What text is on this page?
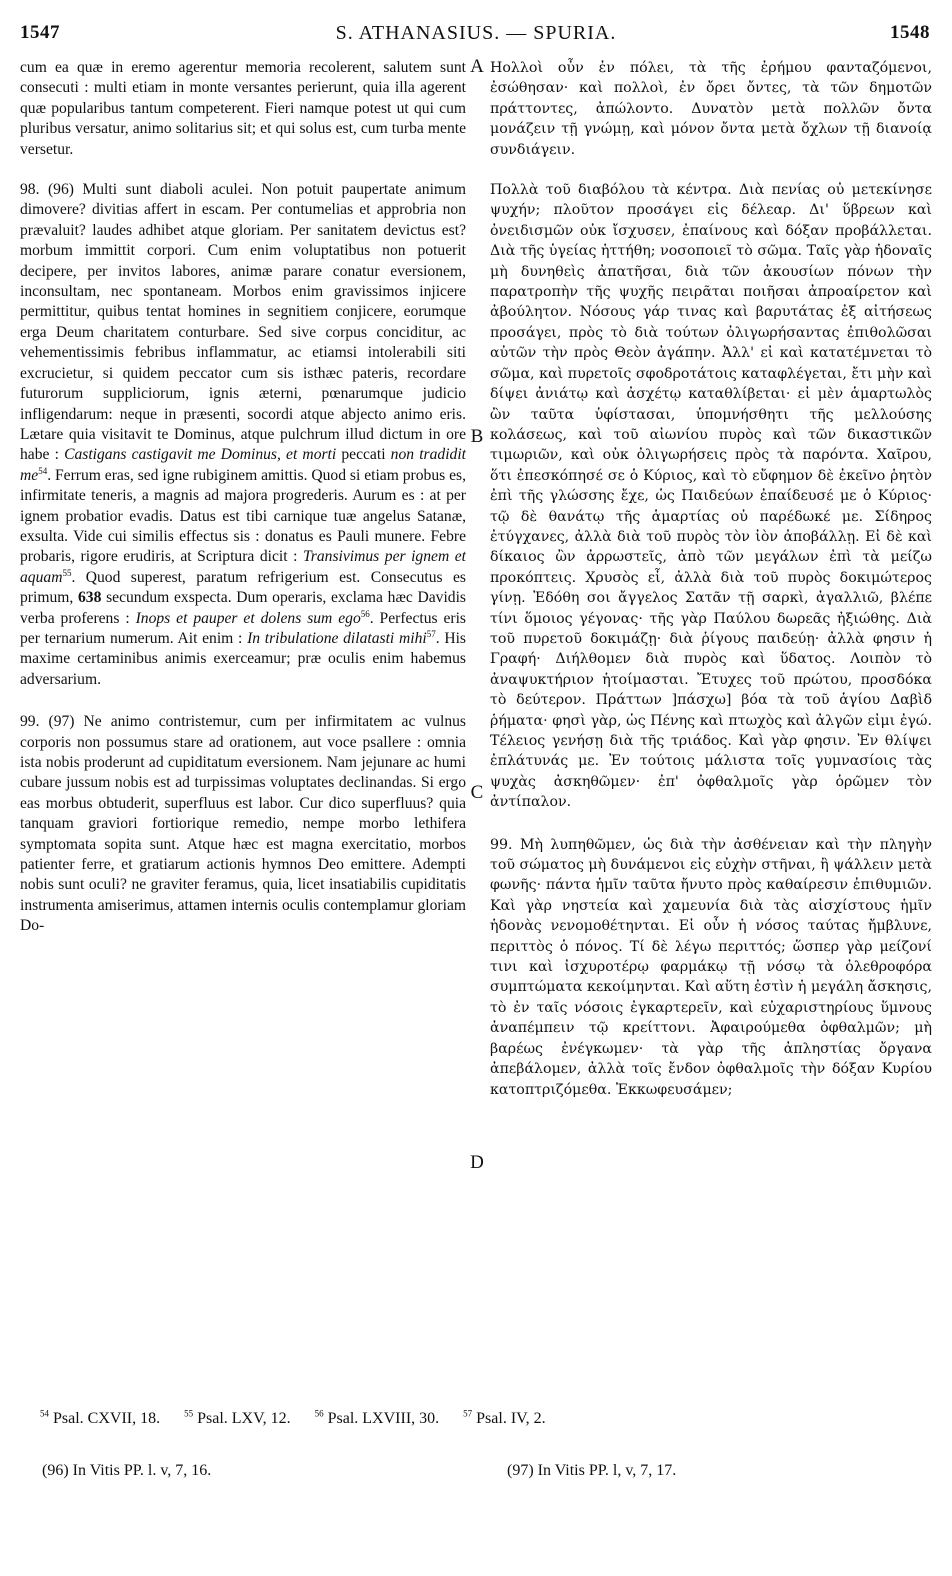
1547	S. ATHANASIUS. — SPURIA.	1548

cum ea quæ in eremo agerentur memoria recolerent, salutem sunt consecuti : multi etiam in monte versantes perierunt, quia illa agerent quæ popularibus tantum competerent. Fieri namque potest ut qui cum pluribus versatur, animo solitarius sit; et qui solus est, cum turba mente versetur.

98. (96) Multi sunt diaboli aculei. Non potuit paupertate animum dimovere? divitias affert in escam. Per contumelias et approbria non prævaluit? laudes adhibet atque gloriam. Per sanitatem devictus est? morbum immittit corpori. Cum enim voluptatibus non potuerit decipere, per invitos labores, animæ parare conatur eversionem, inconsultam, nec spontaneam. Morbos enim gravissimos injicere permittitur, quibus tentat homines in segnitiem conjicere, eorumque erga Deum charitatem conturbare. Sed sive corpus conciditur, ac vehementissimis febribus inflammatur, ac etiamsi intolerabili siti excrucietur, si quidem peccator cum sis isthæc pateris, recordare futurorum suppliciorum, ignis æterni, pœnarumque judicio infligendarum: neque in præsenti, socordi atque abjecto animo eris. Lætare quia visitavit te Dominus, atque pulchrum illud dictum in ore habe : Castigans castigavit me Dominus, et morti peccati non tradidit $me^{54}$. Ferrum eras, sed igne rubiginem amittis. Quod si etiam probus es, infirmitate teneris, a magnis ad majora progrederis. Aurum es : at per ignem probatior evadis. Datus est tibi carnique tuæ angelus Satanæ, exsulta. Vide cui similis effectus sis : donatus es Pauli munere. Febre probaris, rigore erudiris, at Scriptura dicit : Transivimus per ignem et aquam$^{55}$. Quod superest, paratum refrigerium est. Consecutus es primum, 638 secundum exspecta. Dum operaris, exclama hæc Davidis verba proferens : Inops et pauper et dolens sum ego$^{56}$. Perfectus eris per ternarium numerum. Ait enim : In tribulatione dilatasti mihi$^{57}$. His maxime certaminibus animis exerceamur; præ oculis enim habemus adversarium.

99. (97) Ne animo contristemur, cum per infirmitatem ac vulnus corporis non possumus stare ad orationem, aut voce psallere : omnia ista nobis proderunt ad cupiditatum eversionem. Nam jejunare ac humi cubare jussum nobis est ad turpissimas voluptates declinandas. Si ergo eas morbus obtuderit, superfluus est labor. Cur dico superfluus? quia tanquam graviori fortiorique remedio, nempe morbo lethifera symptomata sopita sunt. Atque hæc est magna exercitatio, morbos patienter ferre, et gratiarum actionis hymnos Deo emittere. Adempti nobis sunt oculi? ne graviter feramus, quia, licet insatiabilis cupiditatis instrumenta amiserimus, attamen internis oculis contemplamur gloriam Do-

A
B
C
D

Ηολλοὶ οὖν ἐν πόλει, τὰ τῆς ἐρήμου φανταζόμενοι, ἐσώθησαν· καὶ πολλοὶ, ἐν ὄρει ὄντες, τὰ τῶν δημοτῶν πράττοντες, ἀπώλοντο. Δυνατὸν μετὰ πολλῶν ὄντα μονάζειν τῇ γνώμῃ, καὶ μόνον ὄντα μετὰ ὄχλων τῇ διανοίᾳ συνδιάγειν.

Πολλὰ τοῦ διαβόλου τὰ κέντρα. Διὰ πενίας οὐ μετεκίνησε ψυχήν; πλοῦτον προσάγει εἰς δέλεαρ. Δι' ὕβρεων καὶ ὀνειδισμῶν οὐκ ἴσχυσεν, ἐπαίνους καὶ δόξαν προβάλλεται. Διὰ τῆς ὑγείας ἡττήθη; νοσοποιεῖ τὸ σῶμα. Ταῖς γὰρ ἡδοναῖς μὴ δυνηθεὶς ἀπατῆσαι, διὰ τῶν ἀκουσίων πόνων τὴν παρατροπὴν τῆς ψυχῆς πειρᾶται ποιῆσαι ἀπροαίρετον καὶ ἀβούλητον. Νόσους γάρ τινας καὶ βαρυτάτας ἐξ αἰτήσεως προσάγει, πρὸς τὸ διὰ τούτων ὀλιγωρήσαντας ἐπιθολῶσαι αὐτῶν τὴν πρὸς Θεὸν ἀγάπην. Ἀλλ' εἰ καὶ κατατέμνεται τὸ σῶμα, καὶ πυρετοῖς σφοδροτάτοις καταφλέγεται, ἔτι μὴν καὶ δίψει ἀνιάτῳ καὶ ἀσχέτῳ καταθλίβεται· εἰ μὲν ἁμαρτωλὸς ὢν ταῦτα ὑφίστασαι, ὑπομνήσθητι τῆς μελλούσης κολάσεως, καὶ τοῦ αἰωνίου πυρὸς καὶ τῶν δικαστικῶν τιμωριῶν, καὶ οὐκ ὀλιγωρήσεις πρὸς τὰ παρόντα. Χαῖρου, ὅτι ἐπεσκόπησέ σε ὁ Κύριος, καὶ τὸ εὔφημον δὲ ἐκεῖνο ῥητὸν ἐπὶ τῆς γλώσσης ἔχε, ὡς Παιδεύων ἐπαίδευσέ με ὁ Κύριος· τῷ δὲ θανάτῳ τῆς ἁμαρτίας οὐ παρέδωκέ με. Σίδηρος ἐτύγχανες, ἀλλὰ διὰ τοῦ πυρὸς τὸν ἰὸν ἀποβάλλῃ. Εἰ δὲ καὶ δίκαιος ὢν ἀρρωστεῖς, ἀπὸ τῶν μεγάλων ἐπὶ τὰ μείζω προκόπτεις. Χρυσὸς εἶ, ἀλλὰ διὰ τοῦ πυρὸς δοκιμώτερος γίνῃ. Ἐδόθη σοι ἄγγελος Σατᾶν τῇ σαρκὶ, ἀγαλλιῶ, βλέπε τίνι ὅμοιος γέγονας· τῆς γὰρ Παύλου δωρεᾶς ἠξιώθης. Διὰ τοῦ πυρετοῦ δοκιμάζῃ· διὰ ῥίγους παιδεύῃ· ἀλλὰ φησιν ἡ Γραφή· Διήλθομεν διὰ πυρὸς καὶ ὕδατος. Λοιπὸν τὸ ἀναψυκτήριον ἡτοίμασται. Ἔτυχες τοῦ πρώτου, προσδόκα τὸ δεύτερον. Πράττων ]πάσχω] βόα τὰ τοῦ ἁγίου Δαβὶδ ῥήματα· φησὶ γὰρ, ὡς Πένης καὶ πτωχὸς καὶ ἀλγῶν εἰμι ἐγώ. Τέλειος γενήσῃ διὰ τῆς τριάδος. Καὶ γὰρ φησιν. Ἐν θλίψει ἐπλάτυνάς με. Ἐν τούτοις μάλιστα τοῖς γυμνασίοις τὰς ψυχὰς ἀσκηθῶμεν· ἐπ' ὀφθαλμοῖς γὰρ ὁρῶμεν τὸν ἀντίπαλον.

99. Μὴ λυπηθῶμεν, ὡς διὰ τὴν ἀσθένειαν καὶ τὴν πληγὴν τοῦ σώματος μὴ δυνάμενοι εἰς εὐχὴν στῆναι, ἢ ψάλλειν μετὰ φωνῆς· πάντα ἡμῖν ταῦτα ἤνυτο πρὸς καθαίρεσιν ἐπιθυμιῶν. Καὶ γὰρ νηστεία καὶ χαμευνία διὰ τὰς αἰσχίστους ἡμῖν ἡδονὰς νενομοθέτηνται. Εἰ οὖν ἡ νόσος ταύτας ἤμβλυνε, περιττὸς ὁ πόνος. Τί δὲ λέγω περιττός; ὥσπερ γὰρ μείζονί τινι καὶ ἰσχυροτέρῳ φαρμάκῳ τῇ νόσῳ τὰ ὀλεθροφόρα συμπτώματα κεκοίμηνται. Καὶ αὕτη ἐστὶν ἡ μεγάλη ἄσκησις, τὸ ἐν ταῖς νόσοις ἐγκαρτερεῖν, καὶ εὐχαριστηρίους ὕμνους ἀναπέμπειν τῷ κρείττονι. Ἀφαιρούμεθα ὀφθαλμῶν; μὴ βαρέως ἐνέγκωμεν· τὰ γὰρ τῆς ἀπληστίας ὄργανα ἀπεβάλομεν, ἀλλὰ τοῖς ἔνδον ὀφθαλμοῖς τὴν δόξαν Κυρίου κατοπτριζόμεθα. Ἐκκωφευσάμεν;

$^{54}$ Psal. CXVII, 18.	$^{55}$ Psal. LXV, 12.	$^{56}$ Psal. LXVIII, 30.	$^{57}$ Psal. IV, 2.
(96) In Vitis PP. l. v, 7, 16.	(97) In Vitis PP. l, v, 7, 17.
